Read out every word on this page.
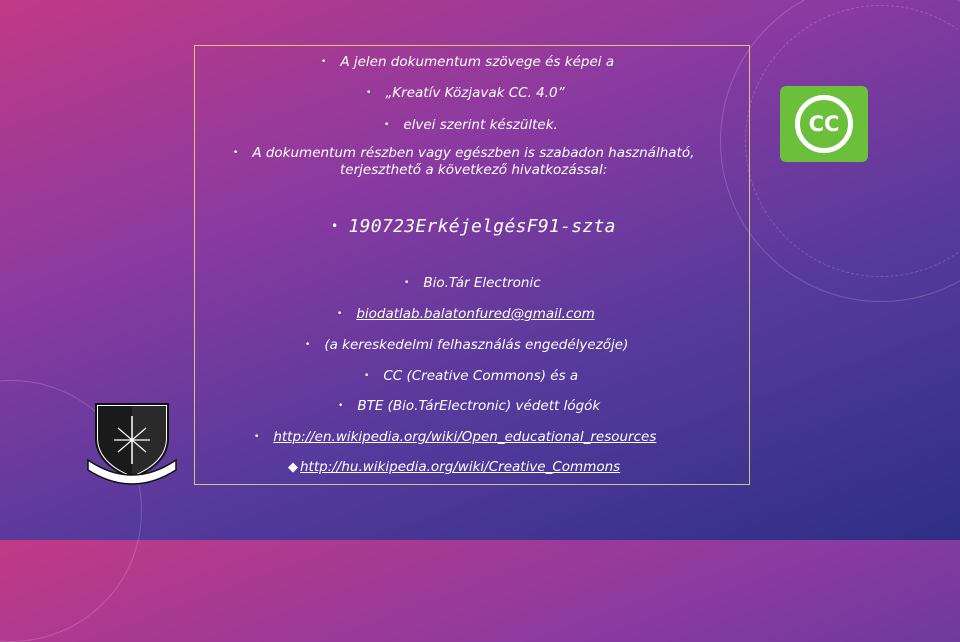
• A jelen dokumentum szövege és képei a
• „Kreatív Közjavak CC. 4.0”
• elvei szerint készültek.
• A dokumentum részben vagy egészben is szabadon használható,
terjeszthető a következő hivatkozással:
• 190723ErkéjelgésF91-szta
• Bio.Tár Electronic
• biodatlab.balatonfured@gmail.com
• (a kereskedelmi felhasználás engedélyezője)
• CC (Creative Commons) és a
• BTE (Bio.TárElectronic) védett lógók
• http://en.wikipedia.org/wiki/Open_educational_resources
◆ http://hu.wikipedia.org/wiki/Creative_Commons
CC
